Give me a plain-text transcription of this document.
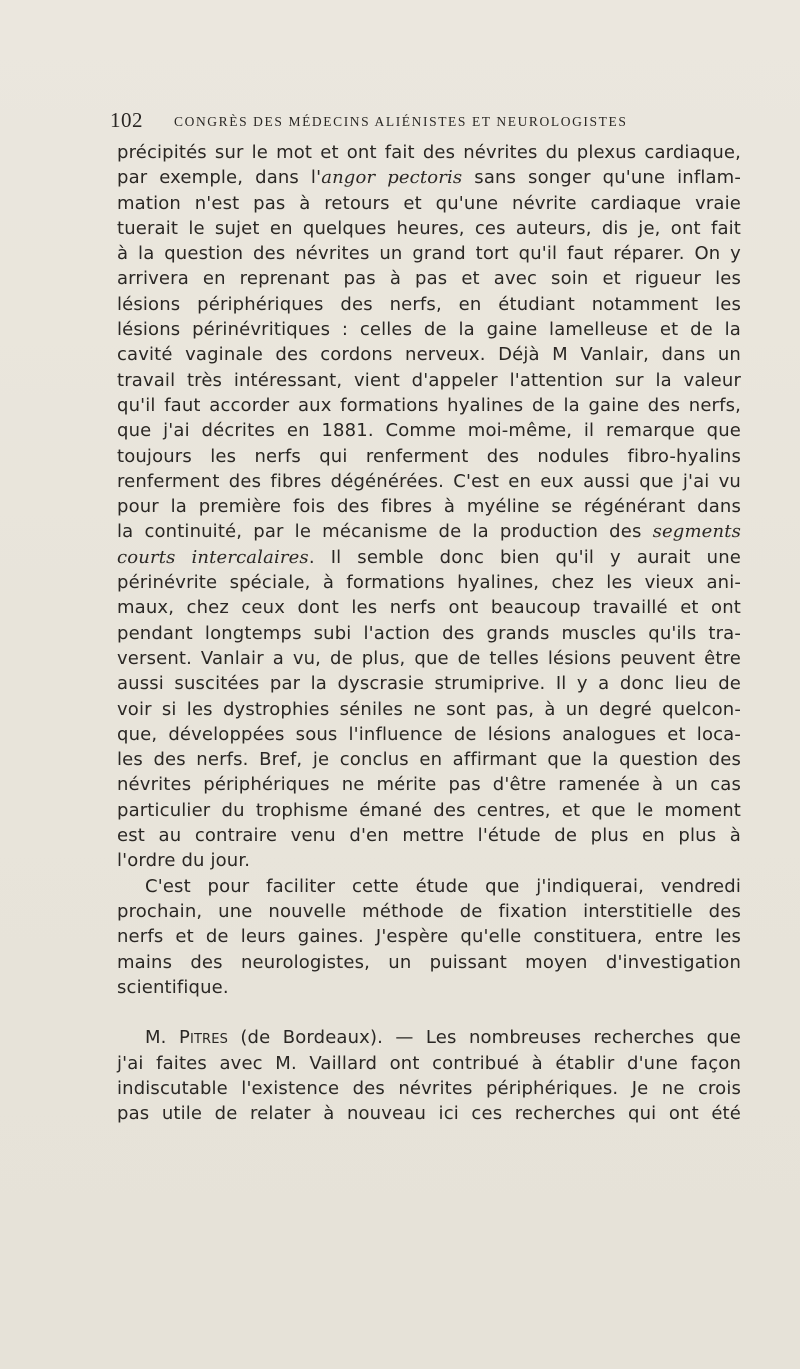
102 CONGRÈS DES MÉDECINS ALIÉNISTES ET NEUROLOGISTES
précipités sur le mot et ont fait des névrites du plexus cardiaque,
par exemple, dans l'angor pectoris sans songer qu'une inflam-
mation n'est pas à retours et qu'une névrite cardiaque vraie
tuerait le sujet en quelques heures, ces auteurs, dis je, ont fait
à la question des névrites un grand tort qu'il faut réparer. On y
arrivera en reprenant pas à pas et avec soin et rigueur les
lésions périphériques des nerfs, en étudiant notamment les
lésions périnévritiques : celles de la gaine lamelleuse et de la
cavité vaginale des cordons nerveux. Déjà M Vanlair, dans un
travail très intéressant, vient d'appeler l'attention sur la valeur
qu'il faut accorder aux formations hyalines de la gaine des nerfs,
que j'ai décrites en 1881. Comme moi-même, il remarque que
toujours les nerfs qui renferment des nodules fibro-hyalins
renferment des fibres dégénérées. C'est en eux aussi que j'ai vu
pour la première fois des fibres à myéline se régénérant dans
la continuité, par le mécanisme de la production des segments
courts intercalaires. Il semble donc bien qu'il y aurait une
périnévrite spéciale, à formations hyalines, chez les vieux ani-
maux, chez ceux dont les nerfs ont beaucoup travaillé et ont
pendant longtemps subi l'action des grands muscles qu'ils tra-
versent. Vanlair a vu, de plus, que de telles lésions peuvent être
aussi suscitées par la dyscrasie strumiprive. Il y a donc lieu de
voir si les dystrophies séniles ne sont pas, à un degré quelcon-
que, développées sous l'influence de lésions analogues et loca-
les des nerfs. Bref, je conclus en affirmant que la question des
névrites périphériques ne mérite pas d'être ramenée à un cas
particulier du trophisme émané des centres, et que le moment
est au contraire venu d'en mettre l'étude de plus en plus à
l'ordre du jour.
C'est pour faciliter cette étude que j'indiquerai, vendredi
prochain, une nouvelle méthode de fixation interstitielle des
nerfs et de leurs gaines. J'espère qu'elle constituera, entre les
mains des neurologistes, un puissant moyen d'investigation
scientifique.
M. Pitres (de Bordeaux). — Les nombreuses recherches que
j'ai faites avec M. Vaillard ont contribué à établir d'une façon
indiscutable l'existence des névrites périphériques. Je ne crois
pas utile de relater à nouveau ici ces recherches qui ont été
